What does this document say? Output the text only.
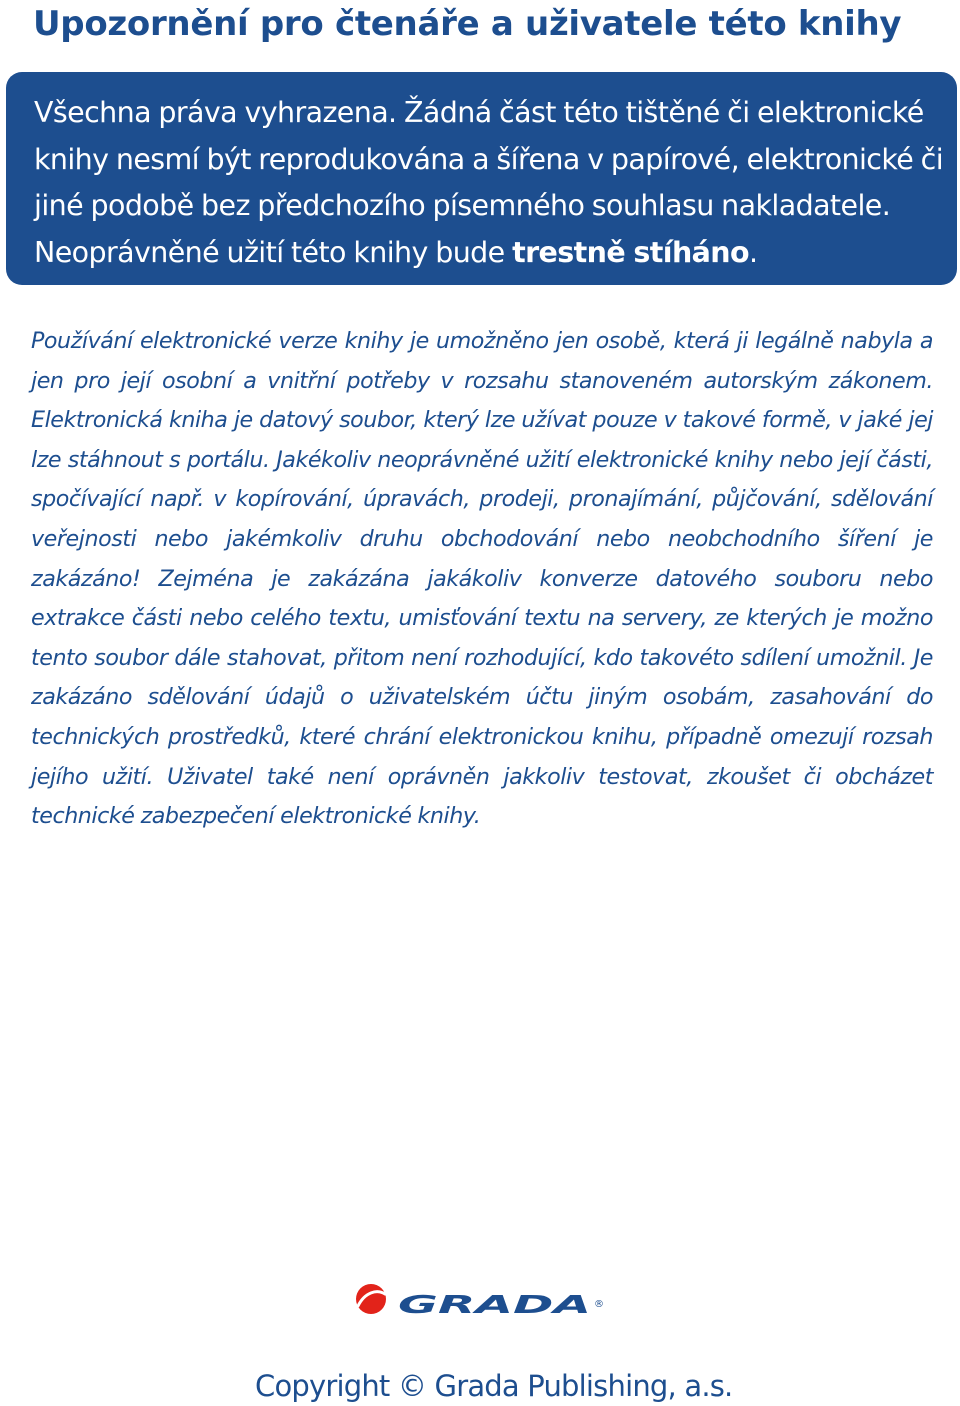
Upozornění pro čtenáře a uživatele této knihy
Všechna práva vyhrazena. Žádná část této tištěné či elektronické knihy nesmí být reprodukována a šířena v papírové, elektronické či jiné podobě bez předchozího písemného souhlasu nakladatele. Neoprávněné užití této knihy bude trestně stíháno.
Používání elektronické verze knihy je umožněno jen osobě, která ji legálně nabyla a jen pro její osobní a vnitřní potřeby v rozsahu stanoveném autorským zákonem. Elektronická kniha je datový soubor, který lze užívat pouze v takové formě, v jaké jej lze stáhnout s portálu. Jakékoliv neoprávněné užití elektronické knihy nebo její části, spočívající např. v kopírování, úpravách, prodeji, pronajímání, půjčování, sdělování veřejnosti nebo jakémkoliv druhu obchodování nebo neobchodního šíření je zakázáno! Zejména je zakázána jakákoliv konverze datového souboru nebo extrakce části nebo celého textu, umisťování textu na servery, ze kterých je možno tento soubor dále stahovat, přitom není rozhodující, kdo takovéto sdílení umožnil. Je zakázáno sdělování údajů o uživatelském účtu jiným osobám, zasahování do technických prostředků, které chrání elektronickou knihu, případně omezují rozsah jejího užití. Uživatel také není oprávněn jakkoliv testovat, zkoušet či obcházet technické zabezpečení elektronické knihy.
GRADA ®
Copyright © Grada Publishing, a.s.
